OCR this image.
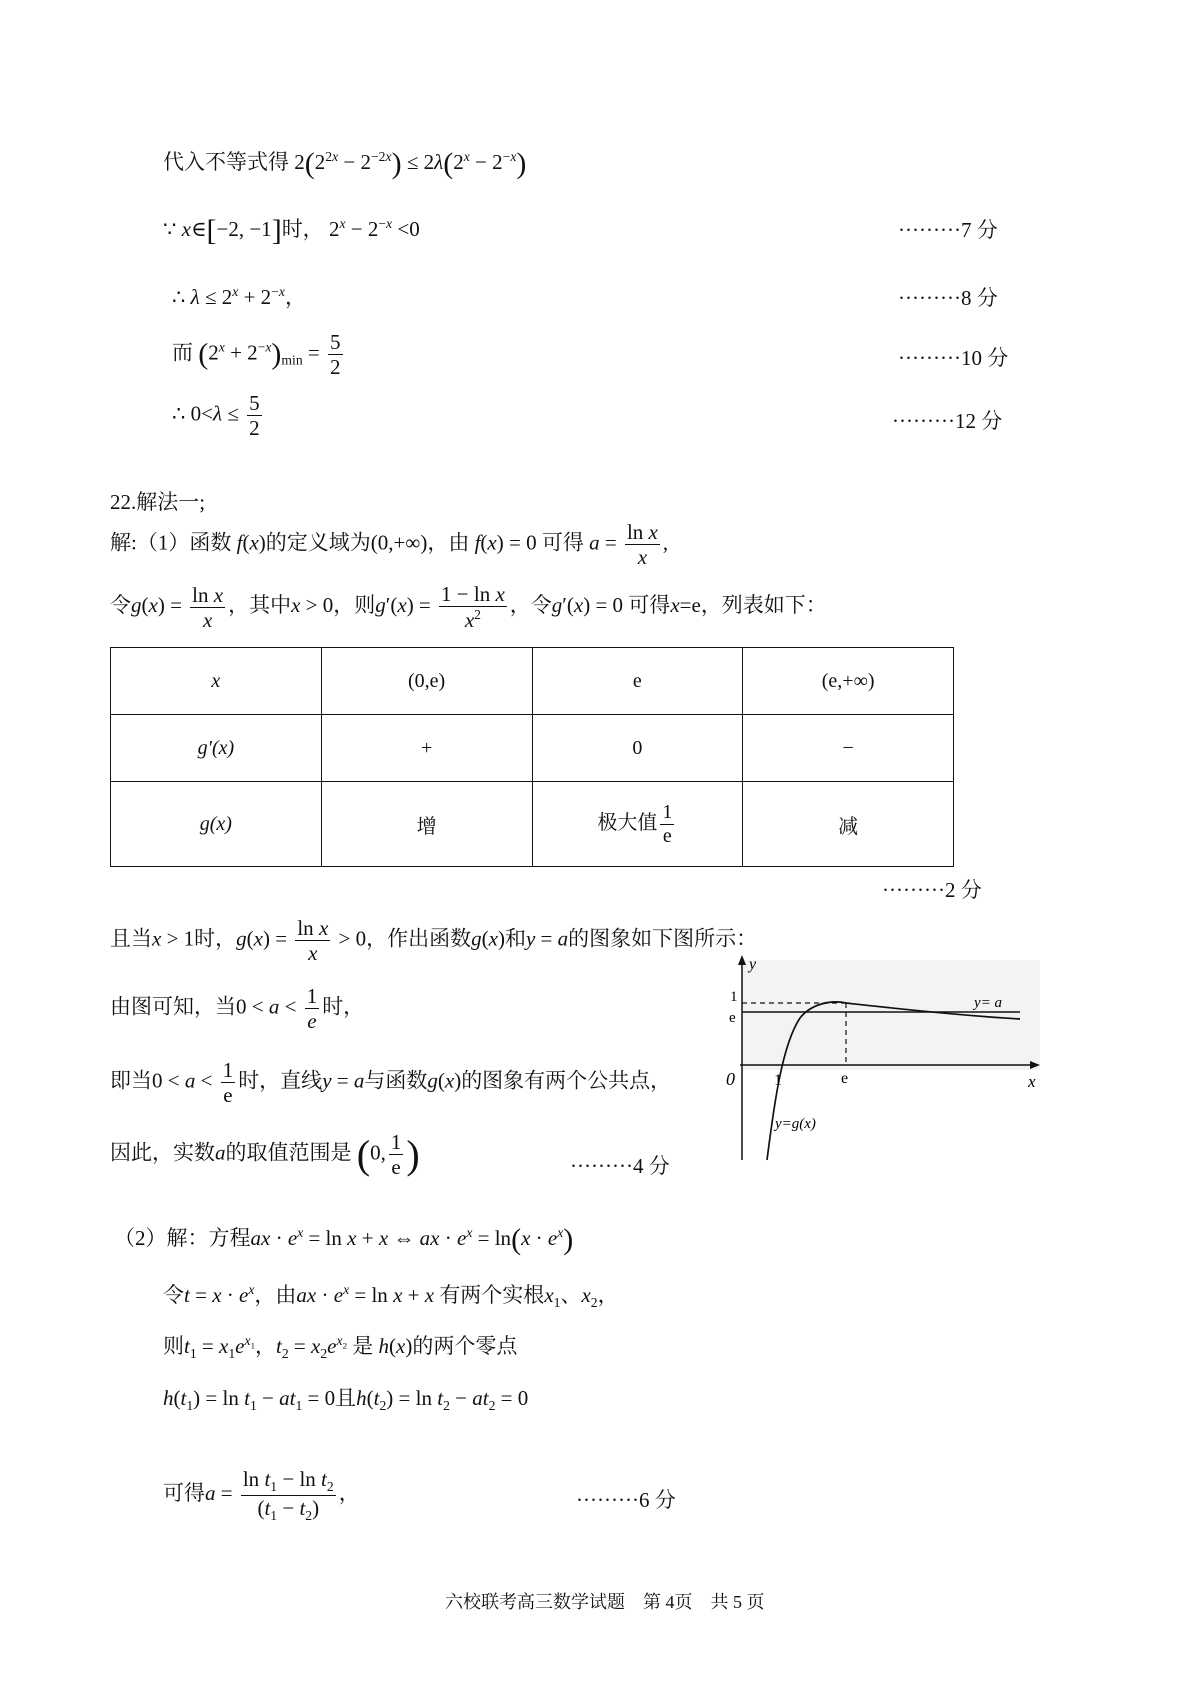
代入不等式得 $2(2^{2x} - 2^{-2x}) \le 2\lambda(2^x - 2^{-x})$
∵ x∈[−2, −1]时， $2^x - 2^{-x} <0$	·········7 分
∴ $\lambda \le 2^x + 2^{-x}$，	·········8 分
而 $(2^x + 2^{-x})_{min} = \frac{5}{2}$	·········10 分
∴ $0<\lambda \le \frac{5}{2}$	·········12 分
22.解法一;
解:（1）函数 f(x)的定义域为(0,+∞)，由 f(x) = 0 可得 $a = \frac{\text{ln x}}{x}$ ,
令$g(x) = \frac{\text{ln x}}{x}$ ，其中x > 0，则$g'(x) = \frac{\text{1 − ln x}}{x^2}$ ，令g′(x) = 0 可得x=e，列表如下：
x	(0,e)	e	(e,+∞)
g′(x)	+	0	−
g(x)	增	极大值 $\frac{1}{e}$	减
·········2 分
且当x > 1时，$g(x) = \frac{\text{ln x}}{x} > 0$，作出函数g(x)和y = a的图象如下图所示：
由图可知，当$0 < a < \frac{1}{e}$ 时，
即当$0 < a < \frac{1}{e}$ 时，直线y = a与函数g(x)的图象有两个公共点，
因此，实数a的取值范围是 (0, $\frac{1}{e}$ )	·········4 分
y
x
0 1	e
1
e
y= a
y=g(x)
（2）解：方程ax · $e^x = \ln x + x$ ⇔ ax · $e^x = \ln(x \cdot e^x)$
令$t = x \cdot e^x$，由ax · $e^x = \ln x + x$ 有两个实根$x_1$、$x_2$，
则$t_1 = x_1e^{x_1}$，$t_2 = x_2e^{x_2}$ 是 h(x)的两个零点
$h(t_1) = \ln t_1 - at_1 = 0$且$h(t_2) = \ln t_2 - at_2 = 0$
可得$a = \frac{\ln t_1 - \ln t_2}{(t_1 - t_2)}$ ，	·········6 分
六校联考高三数学试题　第 4页　共 5 页
